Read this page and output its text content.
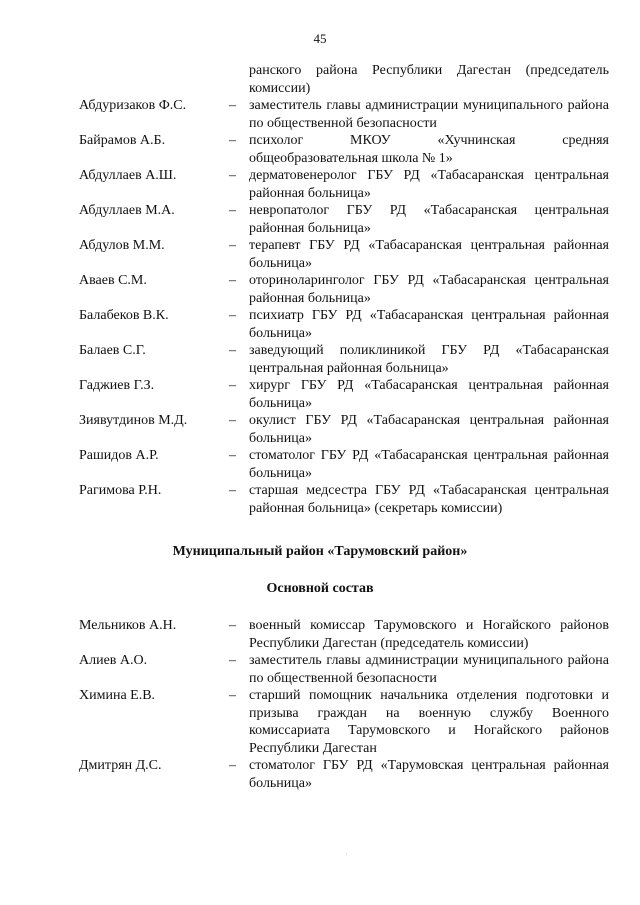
45
ранского района Республики Дагестан (председатель комиссии)
Абдуризаков Ф.С.	– заместитель главы администрации муниципального района по общественной безопасности
Байрамов А.Б.	– психолог МКОУ «Хучнинская средняя общеобразовательная школа № 1»
Абдуллаев А.Ш.	– дерматовенеролог ГБУ РД «Табасаранская центральная районная больница»
Абдуллаев М.А.	– невропатолог ГБУ РД «Табасаранская центральная районная больница»
Абдулов М.М.	– терапевт ГБУ РД «Табасаранская центральная районная больница»
Аваев С.М.	– оториноларинголог ГБУ РД «Табасаранская центральная районная больница»
Балабеков В.К.	– психиатр ГБУ РД «Табасаранская центральная районная больница»
Балаев С.Г.	– заведующий поликлиникой ГБУ РД «Табасаранская центральная районная больница»
Гаджиев Г.З.	– хирург ГБУ РД «Табасаранская центральная районная больница»
Зиявутдинов М.Д.	– окулист ГБУ РД «Табасаранская центральная районная больница»
Рашидов А.Р.	– стоматолог ГБУ РД «Табасаранская центральная районная больница»
Рагимова Р.Н.	– старшая медсестра ГБУ РД «Табасаранская центральная районная больница» (секретарь комиссии)
Муниципальный район «Тарумовский район»
Основной состав
Мельников А.Н.	– военный комиссар Тарумовского и Ногайского районов Республики Дагестан (председатель комиссии)
Алиев А.О.	– заместитель главы администрации муниципального района по общественной безопасности
Химина Е.В.	– старший помощник начальника отделения подготовки и призыва граждан на военную службу Военного комиссариата Тарумовского и Ногайского районов Республики Дагестан
Дмитрян Д.С.	– стоматолог ГБУ РД «Тарумовская центральная районная больница»
·
